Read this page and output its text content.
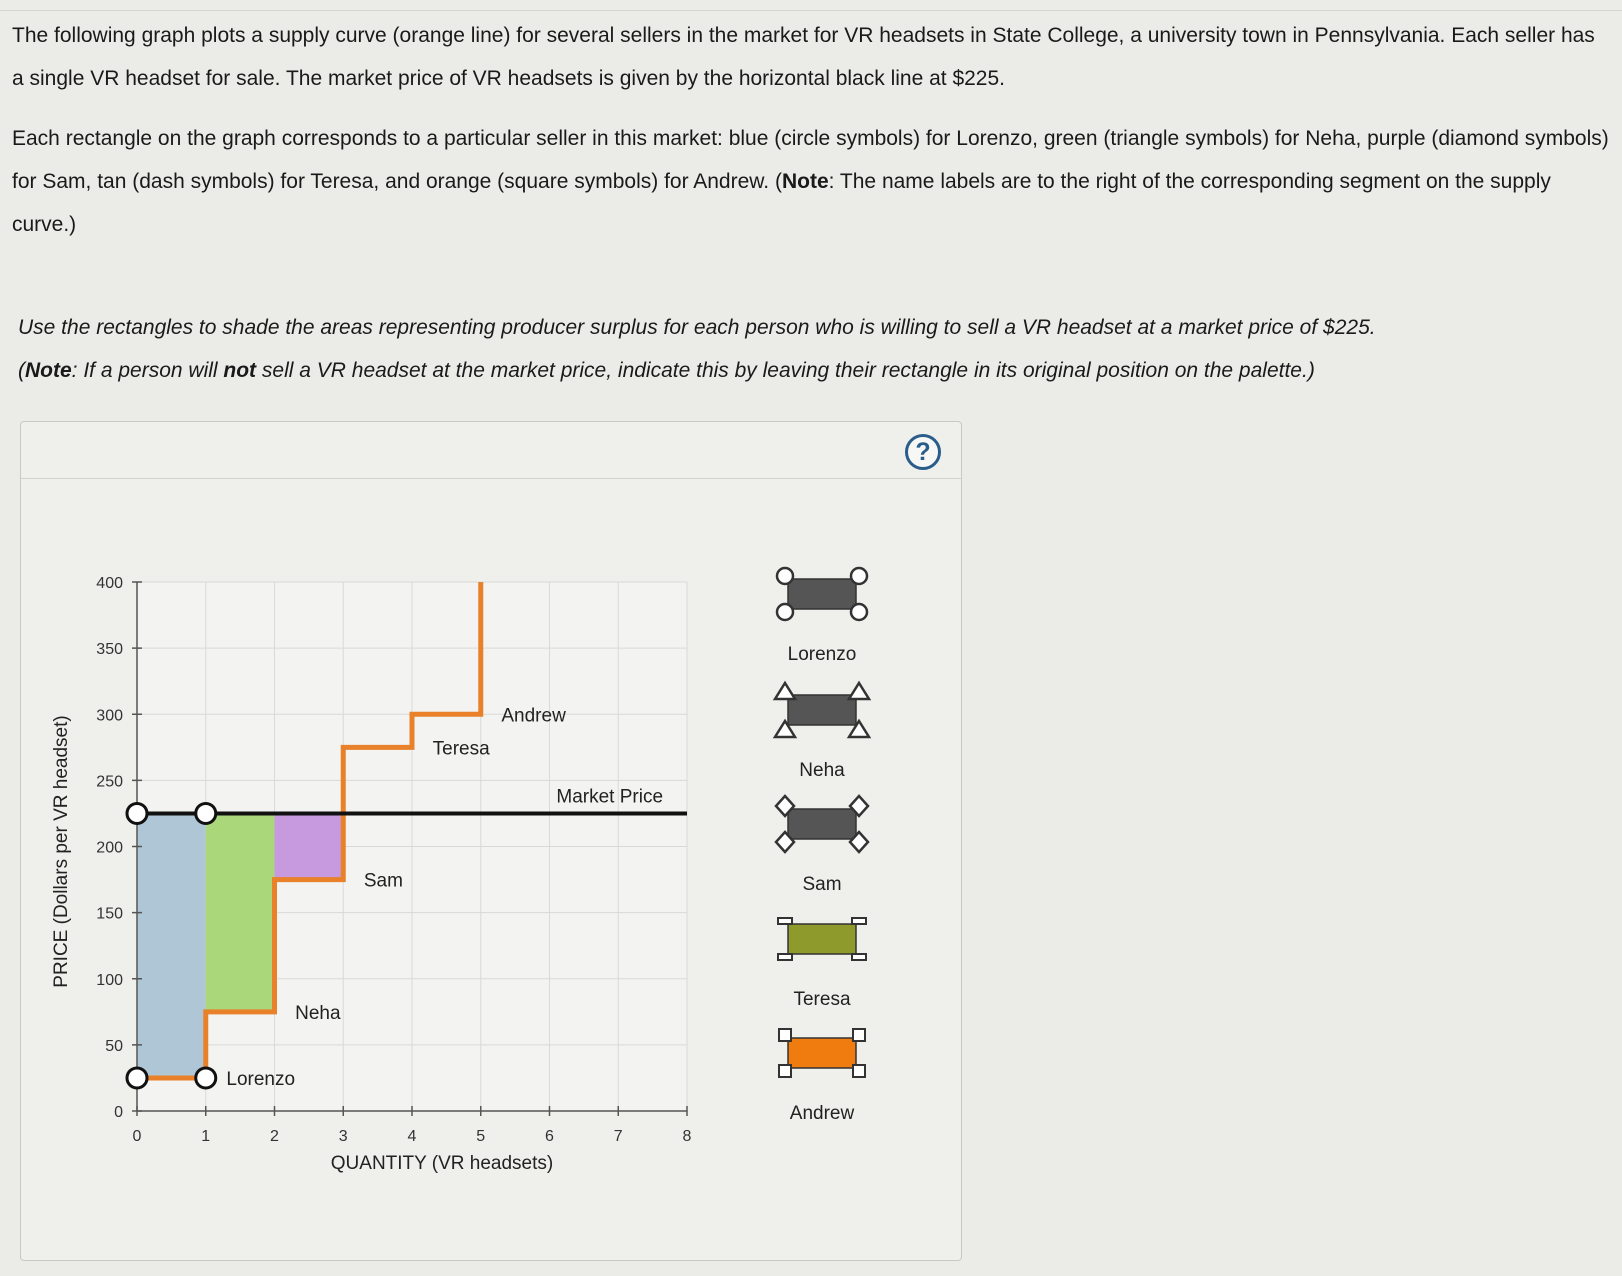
The following graph plots a supply curve (orange line) for several sellers in the market for VR headsets in State College, a university town in Pennsylvania. Each seller has a single VR headset for sale. The market price of VR headsets is given by the horizontal black line at $225.

Each rectangle on the graph corresponds to a particular seller in this market: blue (circle symbols) for Lorenzo, green (triangle symbols) for Neha, purple (diamond symbols) for Sam, tan (dash symbols) for Teresa, and orange (square symbols) for Andrew. (Note: The name labels are to the right of the corresponding segment on the supply curve.)

Use the rectangles to shade the areas representing producer surplus for each person who is willing to sell a VR headset at a market price of $225.
(Note: If a person will not sell a VR headset at the market price, indicate this by leaving their rectangle in its original position on the palette.)

?
0	1	2	3	4	5	6	7	8
0
50
100
150
200
250
300
350
400
QUANTITY (VR headsets)
PRICE (Dollars per VR headset)	Market Price
Lorenzo
Neha
Sam
Teresa
Andrew
Lorenzo
Neha
Sam
Teresa
Andrew
